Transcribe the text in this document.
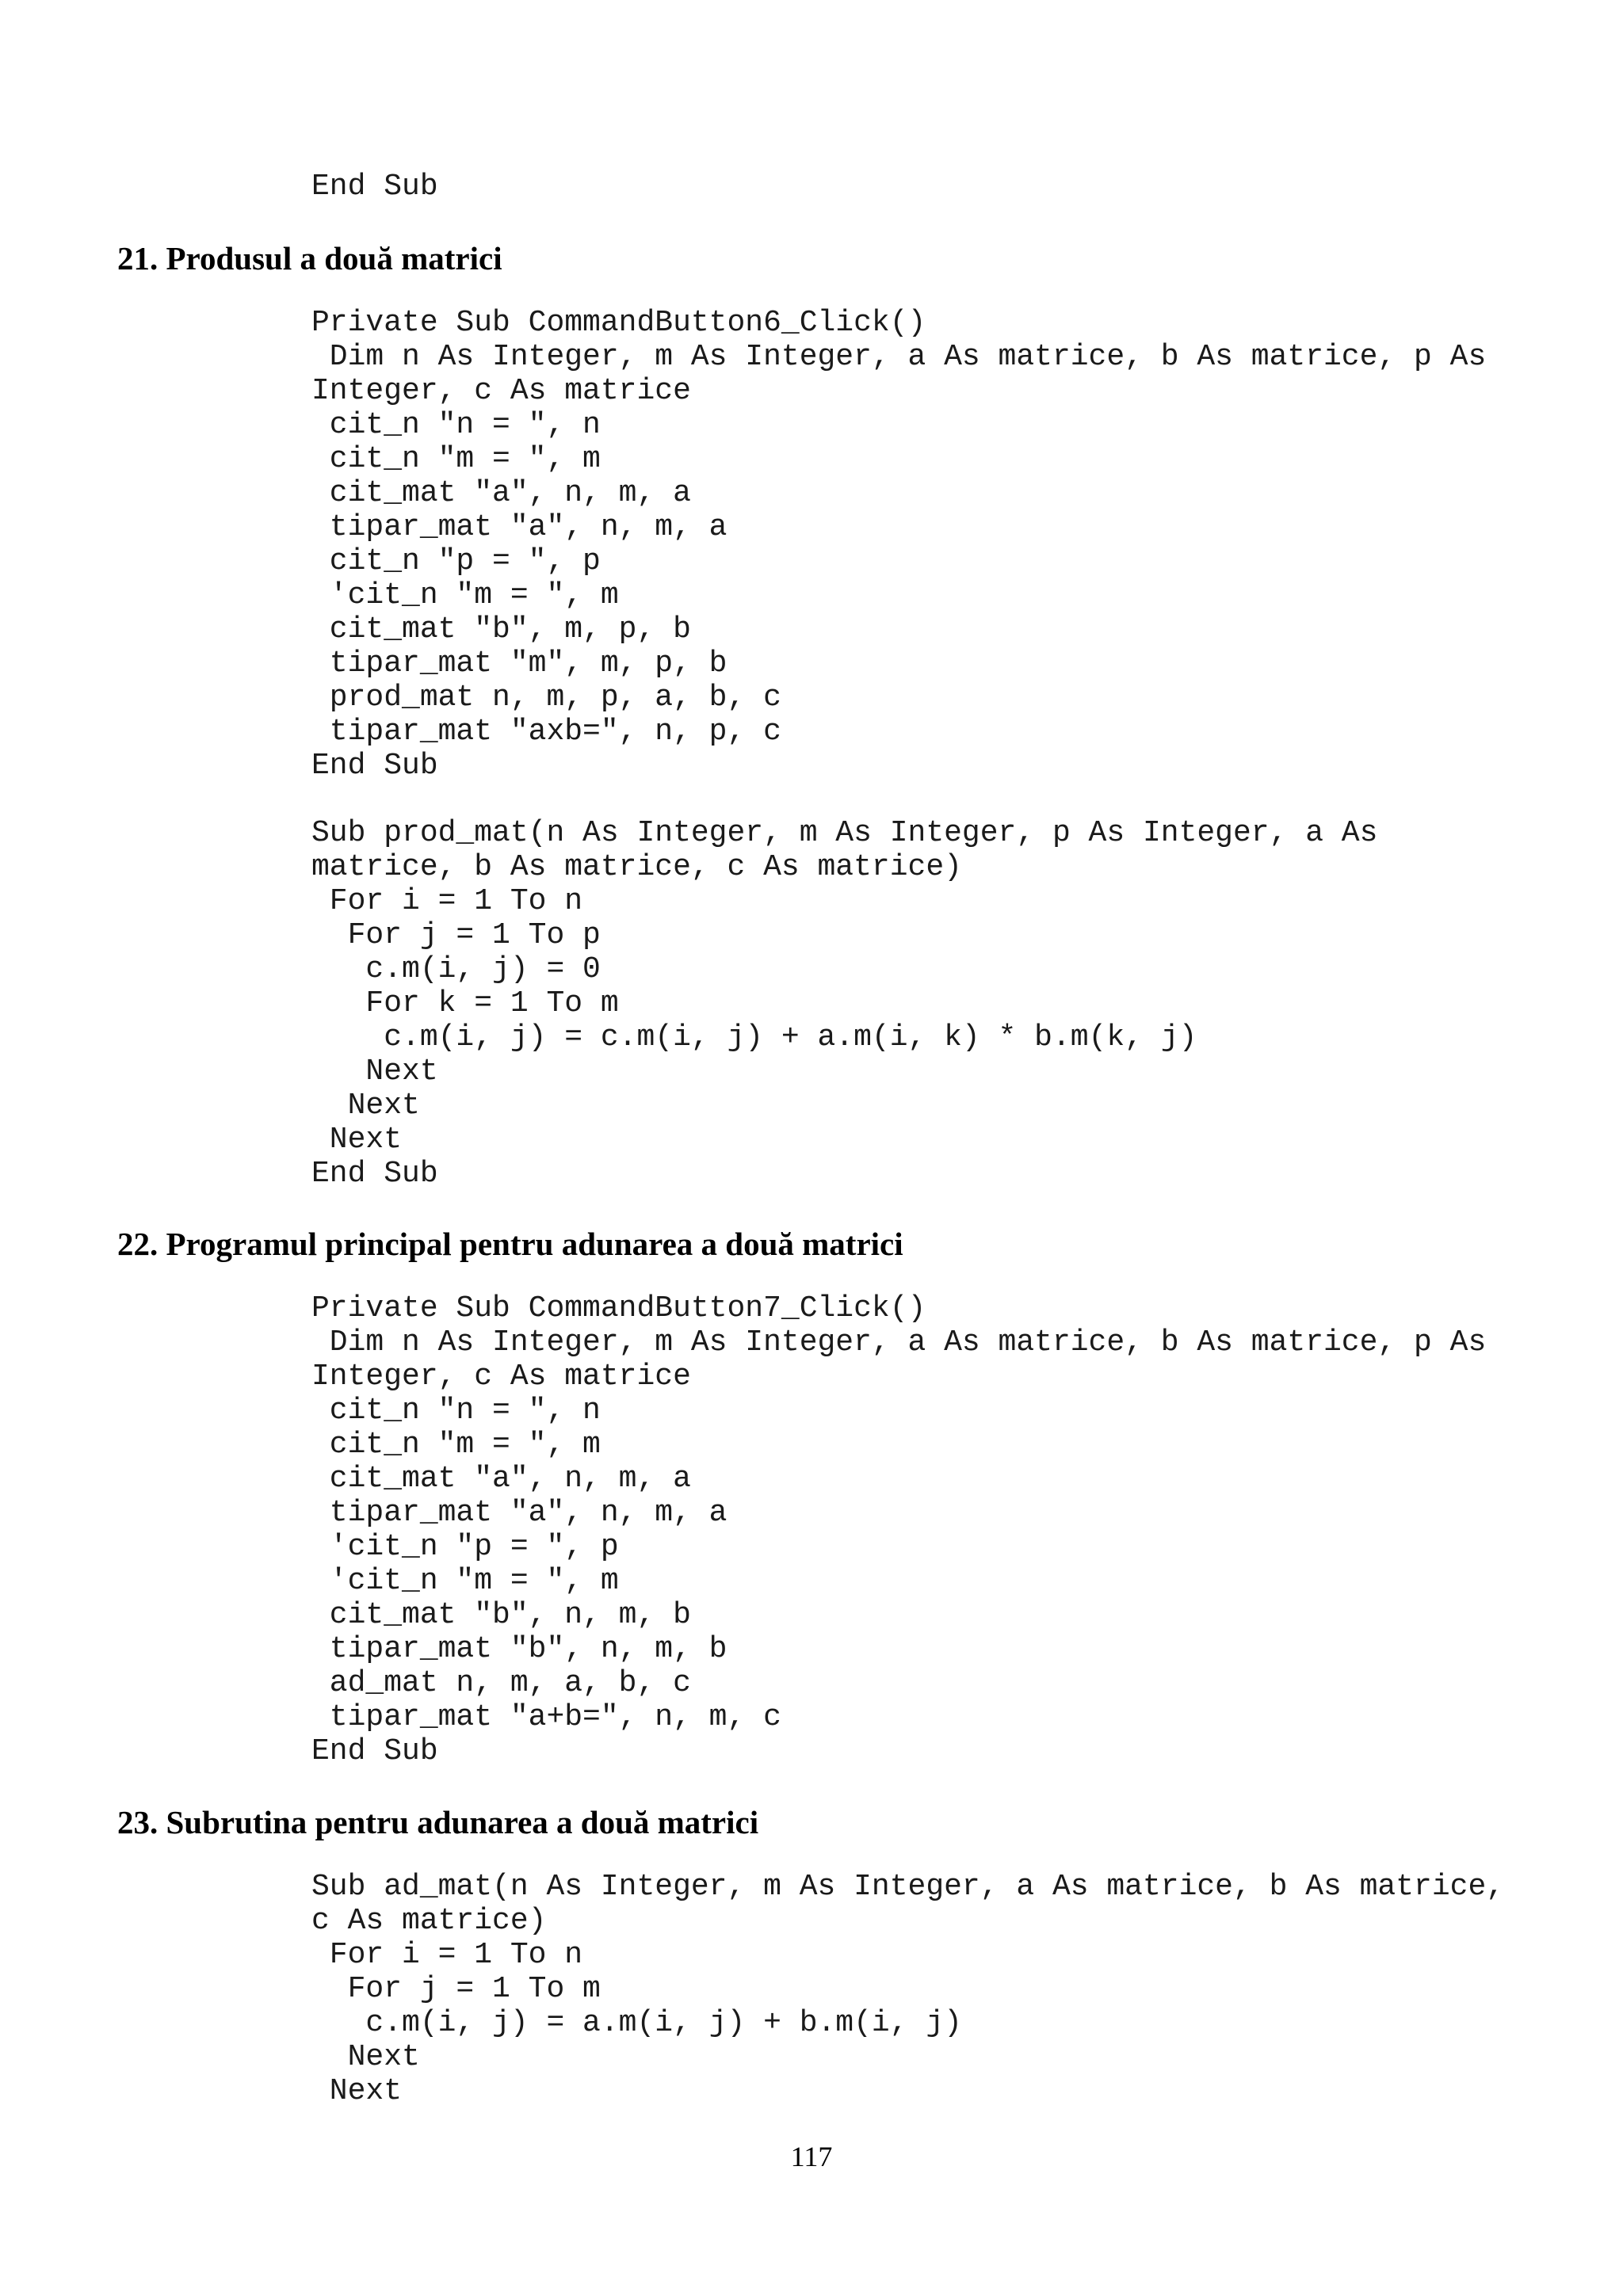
End Sub
21. Produsul a două matrici
Private Sub CommandButton6_Click()
Dim n As Integer, m As Integer, a As matrice, b As matrice, p As
Integer, c As matrice
cit_n "n = ", n
cit_n "m = ", m
cit_mat "a", n, m, a
tipar_mat "a", n, m, a
cit_n "p = ", p
'cit_n "m = ", m
cit_mat "b", m, p, b
tipar_mat "m", m, p, b
prod_mat n, m, p, a, b, c
tipar_mat "axb=", n, p, c
End Sub
Sub prod_mat(n As Integer, m As Integer, p As Integer, a As
matrice, b As matrice, c As matrice)
For i = 1 To n
For j = 1 To p
c.m(i, j) = 0
For k = 1 To m
c.m(i, j) = c.m(i, j) + a.m(i, k) * b.m(k, j)
Next
Next
Next
End Sub
22. Programul principal pentru adunarea a două matrici
Private Sub CommandButton7_Click()
Dim n As Integer, m As Integer, a As matrice, b As matrice, p As
Integer, c As matrice
cit_n "n = ", n
cit_n "m = ", m
cit_mat "a", n, m, a
tipar_mat "a", n, m, a
'cit_n "p = ", p
'cit_n "m = ", m
cit_mat "b", n, m, b
tipar_mat "b", n, m, b
ad_mat n, m, a, b, c
tipar_mat "a+b=", n, m, c
End Sub
23. Subrutina pentru adunarea a două matrici
Sub ad_mat(n As Integer, m As Integer, a As matrice, b As matrice,
c As matrice)
For i = 1 To n
For j = 1 To m
c.m(i, j) = a.m(i, j) + b.m(i, j)
Next
Next
117
